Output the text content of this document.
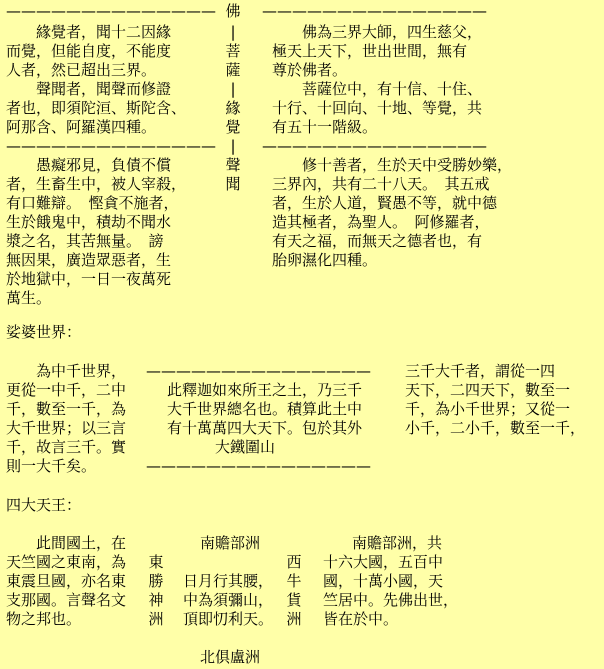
—————————————— 佛 ———————————————
　　緣覺者，聞十二因緣
而覺，但能自度，不能度
人者，然已超出三界。
　　聲聞者，聞聲而修證
者也，即須陀洹、斯陀含、
阿那含、阿羅漢四種。
|
菩
薩
|
緣
覺
　　佛為三界大師，四生慈父，
極天上天下，世出世間，無有
尊於佛者。
　　菩薩位中，有十信、十住、
十行、十回向、十地、等覺，共
有五十一階級。
—————————————— |	———————————————
　　愚癡邪見，負債不償
者，生畜生中，被人宰殺，
有口難辯。　慳貪不施者，
生於餓鬼中，積劫不聞水
漿之名，其苦無量。　謗
無因果，廣造眾惡者，生
於地獄中，一日一夜萬死
萬生。
聲
聞
　　修十善者，生於天中受勝妙樂，
三界內，共有二十八天。　其五戒
者，生於人道，賢愚不等，就中德
造其極者，為聖人。　阿修羅者，
有天之福，而無天之德者也，有
胎卵濕化四種。
娑婆世界：
　　為中千世界，
更從一中千，二中
千，數至一千，為
大千世界；以三言
千，故言三千。實
則一大千矣。
———————————————
此釋迦如來所王之土，乃三千
大千世界總名也。積算此土中
有十萬萬四大天下。包於其外
大鐵圍山
———————————————
三千大千者，謂從一四
天下，二四天下，數至一
千，為小千世界；又從一
小千，二小千，數至一千，
四大天王：
　　此間國土，在
天竺國之東南，為
東震旦國，亦名東
支那國。言聲名文
物之邦也。
南贍部洲
東
勝
神
洲
日月行其腰，
中為須彌山，
頂即忉利天。
西
牛
貨
洲
南贍部洲，共
十六大國，五百中
國，十萬小國，天
竺居中。先佛出世，
皆在於中。
北俱盧洲
